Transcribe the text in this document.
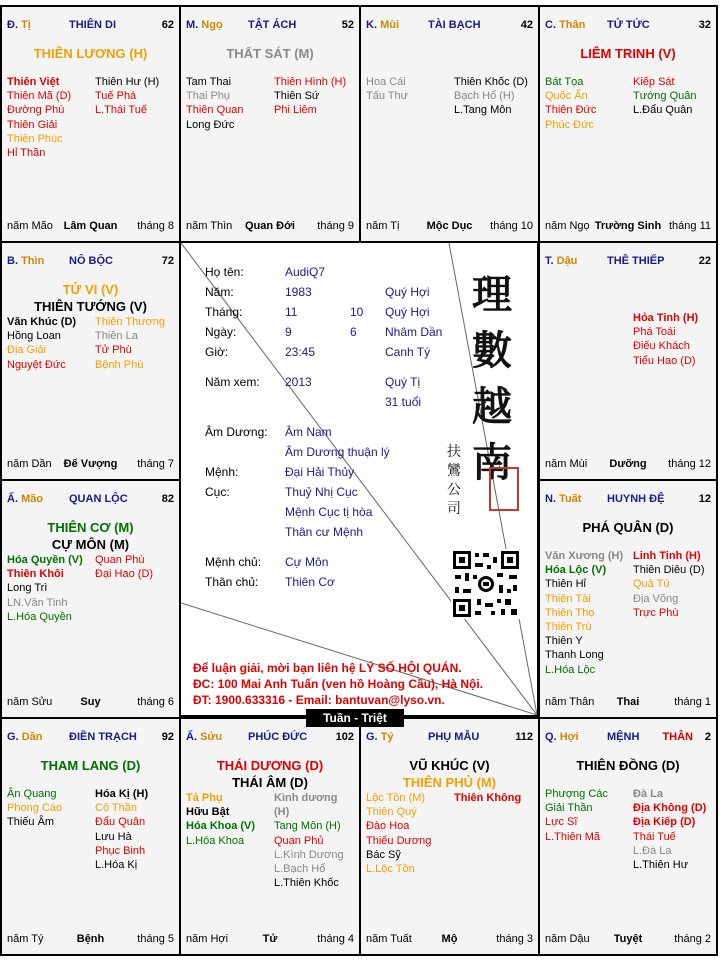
Đ. Tị	THIÊN DI	62
THIÊN LƯƠNG (H)
Thiên Việt
Thiên Mã (D)
Đường Phù
Thiên Giải
Thiên Phúc
Hỉ Thần
Thiên Hư (H)
Tuế Phá
L.Thái Tuế
năm Mão Lâm Quan	tháng 8
M. Ngọ TẬT ÁCH	52
THẤT SÁT (M)
Tam Thai
Thai Phụ
Thiên Quan
Long Đức
Thiên Hình (H)
Thiên Sứ
Phi Liêm
năm Thìn	Quan Đới	tháng 9
K. Mùi	TÀI BẠCH	42
Hoa Cái
Tấu Thư
Thiên Khốc (D)
Bạch Hổ (H)
L.Tang Môn
năm Tị	Mộc Dục	tháng 10
C. Thân TỬ TỨC	32
LIÊM TRINH (V)
Bát Tọa
Quốc Ấn
Thiên Đức
Phúc Đức
Kiếp Sát
Tướng Quân
L.Đẩu Quân
năm Ngọ Trường Sinh tháng 11
B. Thìn NÔ BỘC	72
TỬ VI (V)
THIÊN TƯỚNG (V)
Văn Khúc (D)
Hồng Loan
Địa Giải
Nguyệt Đức
Thiên Thương
Thiên La
Tử Phù
Bệnh Phù
năm Dần	Đế Vượng	tháng 7
T. Dậu	THÊ THIẾP	22
Hỏa Tinh (H)
Phá Toái
Điếu Khách
Tiểu Hao (D)
năm Mùi	Dưỡng	tháng 12
Ấ. Mão QUAN LỘC	82
THIÊN CƠ (M)
CỰ MÔN (M)
Hóa Quyền (V)
Thiên Khôi
Long Trì
LN.Văn Tinh
L.Hóa Quyền
Quan Phù
Đại Hao (D)
năm Sửu	Suy	tháng 6
N. Tuất HUYNH ĐỆ	12
PHÁ QUÂN (D)
Văn Xương (H)
Hóa Lộc (V)
Thiên Hỉ
Thiên Tài
Thiên Thọ
Thiên Trù
Thiên Y
Thanh Long
L.Hóa Lộc
Linh Tinh (H)
Thiên Diêu (D)
Quả Tú
Địa Võng
Trực Phù
năm Thân	Thai	tháng 1
G. Dần ĐIỀN TRẠCH 92
THAM LANG (D)
Ân Quang
Phong Cáo
Thiếu Âm
Hóa Kị (H)
Cô Thần
Đẩu Quân
Lưu Hà
Phục Binh
L.Hóa Kị
năm Tý	Bệnh	tháng 5
Ấ. Sửu PHÚC ĐỨC	102
THÁI DƯƠNG (D)
THÁI ÂM (D)
Tả Phụ
Hữu Bật
Hóa Khoa (V)
L.Hóa Khoa
Kình dương (H)
Tang Môn (H)
Quan Phủ
L.Kình Dương
L.Bạch Hổ
L.Thiên Khốc
năm Hợi	Tử	tháng 4
G. Tý	PHỤ MẪU	112
VŨ KHÚC (V)
THIÊN PHỦ (M)
Lộc Tồn (M)
Thiên Quý
Đào Hoa
Thiếu Dương
Bác Sỹ
L.Lộc Tồn
Thiên Không
năm Tuất	Mộ	tháng 3
Q. Hợi	MỆNH THÂN 2
THIÊN ĐỒNG (D)
Phượng Các
Giải Thần
Lực Sĩ
L.Thiên Mã
Đà La
Địa Không (D)
Địa Kiếp (D)
Thái Tuế
L.Đà La
L.Thiên Hư
năm Dậu	Tuyệt	tháng 2
Họ tên:	AudiQ7
Năm:	1983	Quý Hợi
Tháng:	11	10 Quý Hợi
Ngày:	9	6 Nhâm Dần
Giờ:	23:45	Canh Tý
Năm xem: 2013	Quý Tị
31 tuổi
Âm Dương: Âm Nam
Âm Dương thuận lý
Mệnh:	Đại Hải Thủy
Cục:	Thuỷ Nhị Cục
Mệnh Cục tị hòa
Thân cư Mệnh
Mệnh chủ: Cự Môn
Thân chủ: Thiên Cơ
理數越南
扶鸞公司
Để luận giải, mời bạn liên hệ LÝ SỐ HỘI QUÁN.
ĐC: 100 Mai Anh Tuấn (ven hồ Hoàng Cầu), Hà Nội.
ĐT: 1900.633316 - Email: bantuvan@lyso.vn.
Tuần - Triệt
